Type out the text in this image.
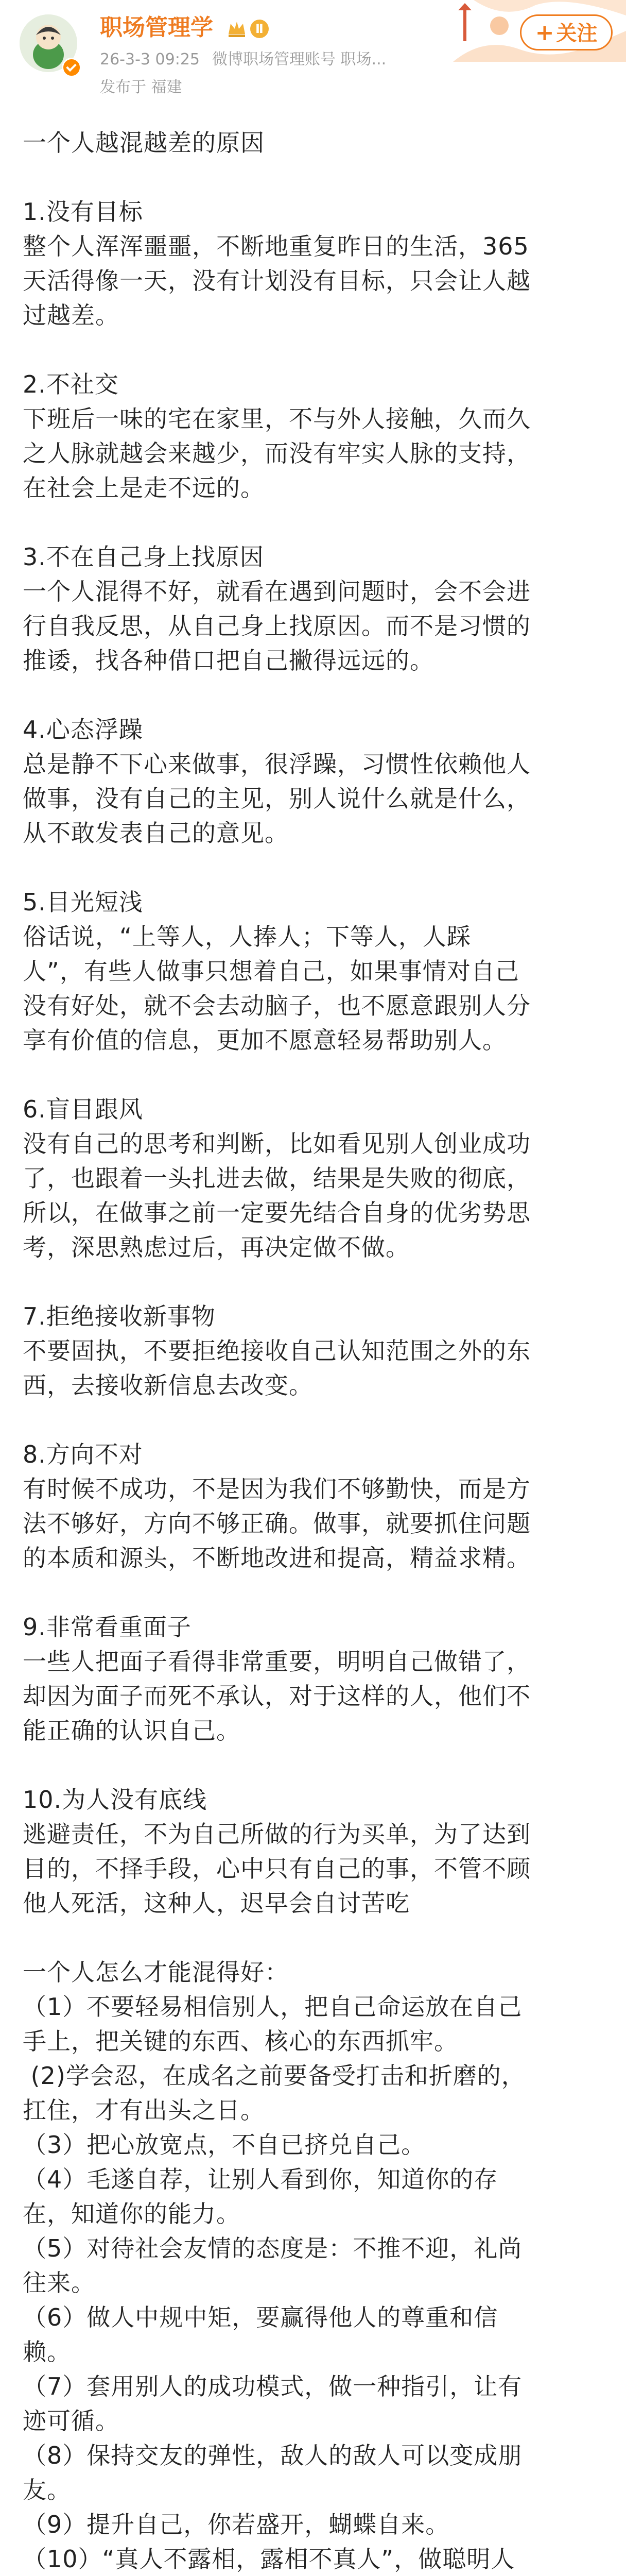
职场管理学	Ⅱ
26-3-3 09:25 微博职场管理账号 职场...
发布于 福建
+ 关注

一个人越混越差的原因

1.没有目标

整个人浑浑噩噩，不断地重复昨日的生活，365

天活得像一天，没有计划没有目标，只会让人越

过越差。

2.不社交

下班后一味的宅在家里，不与外人接触，久而久

之人脉就越会来越少，而没有牢实人脉的支持，

在社会上是走不远的。

3.不在自己身上找原因

一个人混得不好，就看在遇到问题时，会不会进

行自我反思，从自己身上找原因。而不是习惯的

推诿，找各种借口把自己撇得远远的。

4.心态浮躁

总是静不下心来做事，很浮躁，习惯性依赖他人

做事，没有自己的主见，别人说什么就是什么，

从不敢发表自己的意见。

5.目光短浅

俗话说，“上等人，人捧人；下等人，人踩

人”，有些人做事只想着自己，如果事情对自己

没有好处，就不会去动脑子，也不愿意跟别人分

享有价值的信息，更加不愿意轻易帮助别人。

6.盲目跟风

没有自己的思考和判断，比如看见别人创业成功

了，也跟着一头扎进去做，结果是失败的彻底，

所以，在做事之前一定要先结合自身的优劣势思

考，深思熟虑过后，再决定做不做。

7.拒绝接收新事物

不要固执，不要拒绝接收自己认知范围之外的东

西，去接收新信息去改变。

8.方向不对

有时候不成功，不是因为我们不够勤快，而是方

法不够好，方向不够正确。做事，就要抓住问题

的本质和源头，不断地改进和提高，精益求精。

9.非常看重面子

一些人把面子看得非常重要，明明自己做错了，

却因为面子而死不承认，对于这样的人，他们不

能正确的认识自己。

10.为人没有底线

逃避责任，不为自己所做的行为买单，为了达到

目的，不择手段，心中只有自己的事，不管不顾

他人死活，这种人，迟早会自讨苦吃

一个人怎么才能混得好：

（1）不要轻易相信别人，把自己命运放在自己

手上，把关键的东西、核心的东西抓牢。

(2)学会忍，在成名之前要备受打击和折磨的，

扛住，才有出头之日。

（3）把心放宽点，不自已挤兑自己。

（4）毛遂自荐，让别人看到你，知道你的存

在，知道你的能力。

（5）对待社会友情的态度是：不推不迎，礼尚

往来。

（6）做人中规中矩，要赢得他人的尊重和信

赖。

（7）套用别人的成功模式，做一种指引，让有

迹可循。

（8）保持交友的弹性，敌人的敌人可以变成朋

友。

（9）提升自己，你若盛开，蝴蝶自来。

（10）“真人不露相，露相不真人”，做聪明人
